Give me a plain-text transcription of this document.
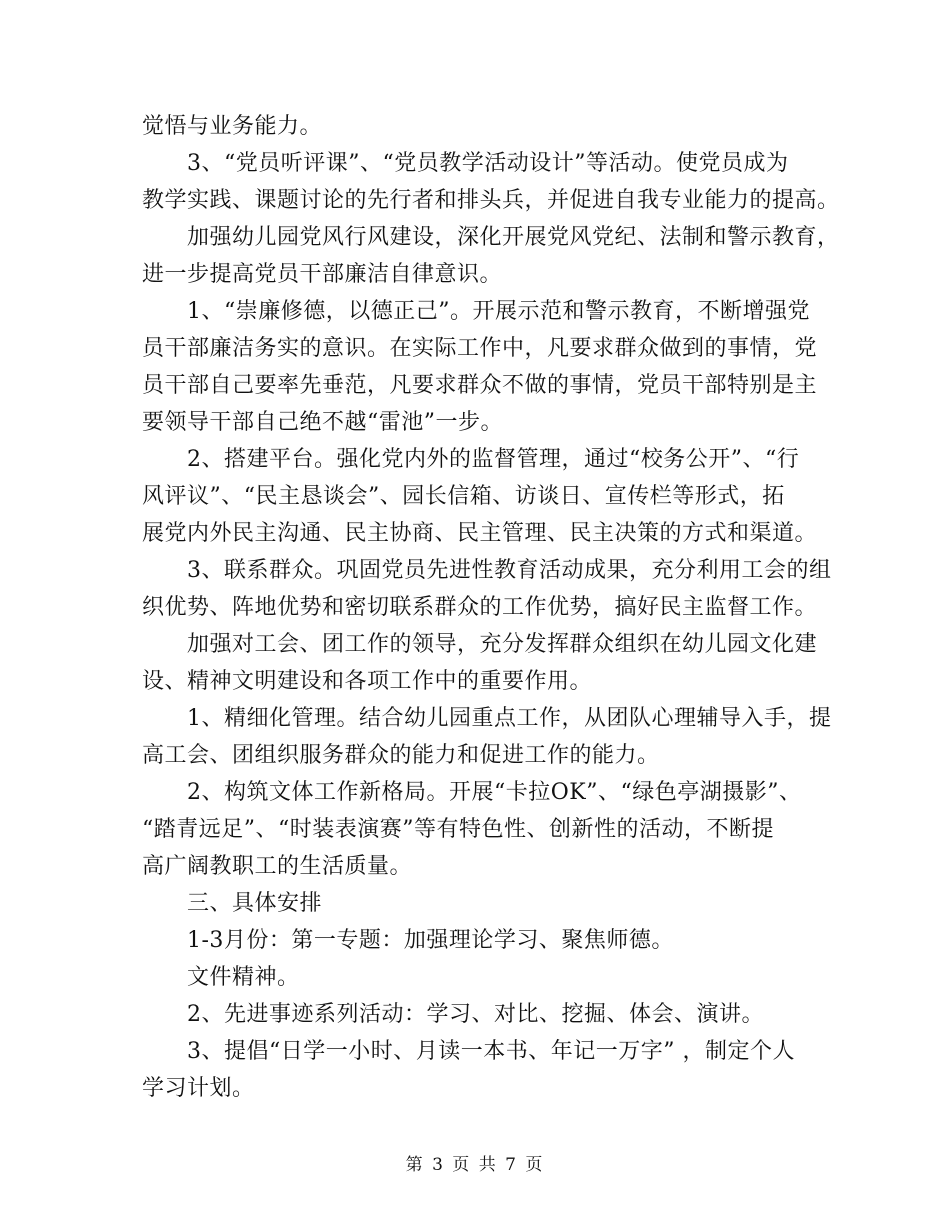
觉悟与业务能力。
3、“党员听评课”、“党员教学活动设计”等活动。使党员成为
教学实践、课题讨论的先行者和排头兵，并促进自我专业能力的提高。
加强幼儿园党风行风建设，深化开展党风党纪、法制和警示教育，
进一步提高党员干部廉洁自律意识。
1、“崇廉修德，以德正己”。开展示范和警示教育，不断增强党
员干部廉洁务实的意识。在实际工作中，凡要求群众做到的事情，党
员干部自己要率先垂范，凡要求群众不做的事情，党员干部特别是主
要领导干部自己绝不越“雷池”一步。
2、搭建平台。强化党内外的监督管理，通过“校务公开”、“行
风评议”、“民主恳谈会”、园长信箱、访谈日、宣传栏等形式，拓
展党内外民主沟通、民主协商、民主管理、民主决策的方式和渠道。
3、联系群众。巩固党员先进性教育活动成果，充分利用工会的组
织优势、阵地优势和密切联系群众的工作优势，搞好民主监督工作。
加强对工会、团工作的领导，充分发挥群众组织在幼儿园文化建
设、精神文明建设和各项工作中的重要作用。
1、精细化管理。结合幼儿园重点工作，从团队心理辅导入手，提
高工会、团组织服务群众的能力和促进工作的能力。
2、构筑文体工作新格局。开展“卡拉OK”、“绿色亭湖摄影”、
“踏青远足”、“时装表演赛”等有特色性、创新性的活动，不断提
高广阔教职工的生活质量。
三、具体安排
1-3月份：第一专题：加强理论学习、聚焦师德。
文件精神。
2、先进事迹系列活动：学习、对比、挖掘、体会、演讲。
3、提倡“日学一小时、月读一本书、年记一万字” ，制定个人
学习计划。
第 3 页 共 7 页
